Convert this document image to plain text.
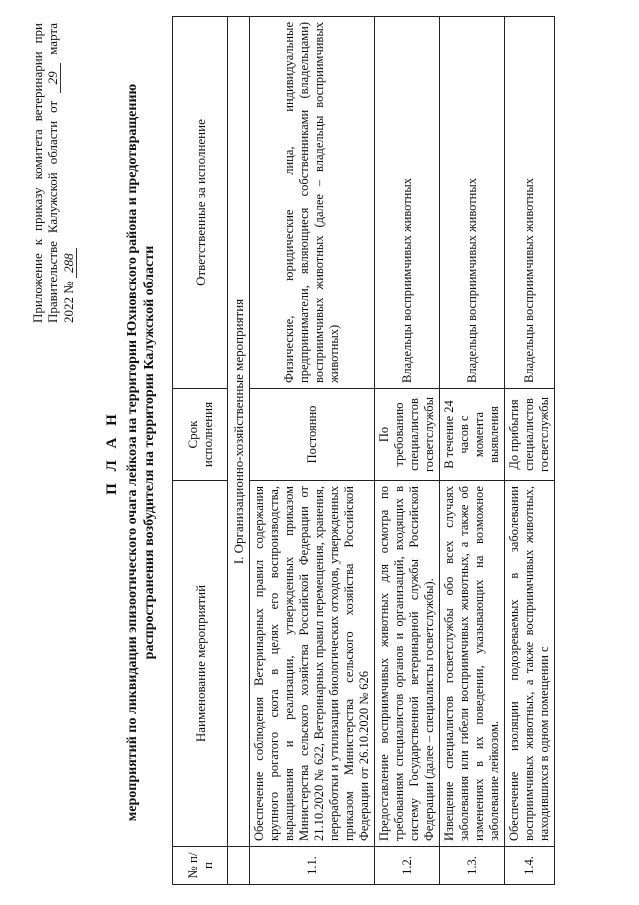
Приложение к приказу комитета ветеринарии при Правительстве Калужской области от 29 марта 2022 № 288
П Л А Н мероприятий по ликвидации эпизоотического очага лейкоза на территории Юхновского района и предотвращению распространения возбудителя на территории Калужской области
№ п/п	Наименование мероприятий	Срок исполнения	Ответственные за исполнение
	I. Организационно-хозяйственные мероприятия		
1.1.	Обеспечение соблюдения Ветеринарных правил содержания крупного рогатого скота в целях его воспроизводства, выращивания и реализации, утвержденных приказом Министерства сельского хозяйства Российской Федерации от 21.10.2020 № 622, Ветеринарных правил перемещения, хранения, переработки и утилизации биологических отходов, утвержденных приказом Министерства сельского хозяйства Российской Федерации от 26.10.2020 № 626	Постоянно	Физические, юридические лица, индивидуальные предприниматели, являющиеся собственниками (владельцами) восприимчивых животных (далее – владельцы восприимчивых животных)
1.2.	Предоставление восприимчивых животных для осмотра по требованиям специалистов органов и организаций, входящих в систему Государственной ветеринарной службы Российской Федерации (далее – специалисты госветслужбы).	По требованию специалистов госветслужбы	Владельцы восприимчивых животных
1.3.	Извещение специалистов госветслужбы обо всех случаях заболевания или гибели восприимчивых животных, а также об изменениях в их поведении, указывающих на возможное заболевание лейкозом.	В течение 24 часов с момента выявления	Владельцы восприимчивых животных
1.4.	Обеспечение изоляции подозреваемых в заболевании восприимчивых животных, а также восприимчивых животных, находившихся в одном помещении с	До прибытия специалистов госветслужбы	Владельцы восприимчивых животных
